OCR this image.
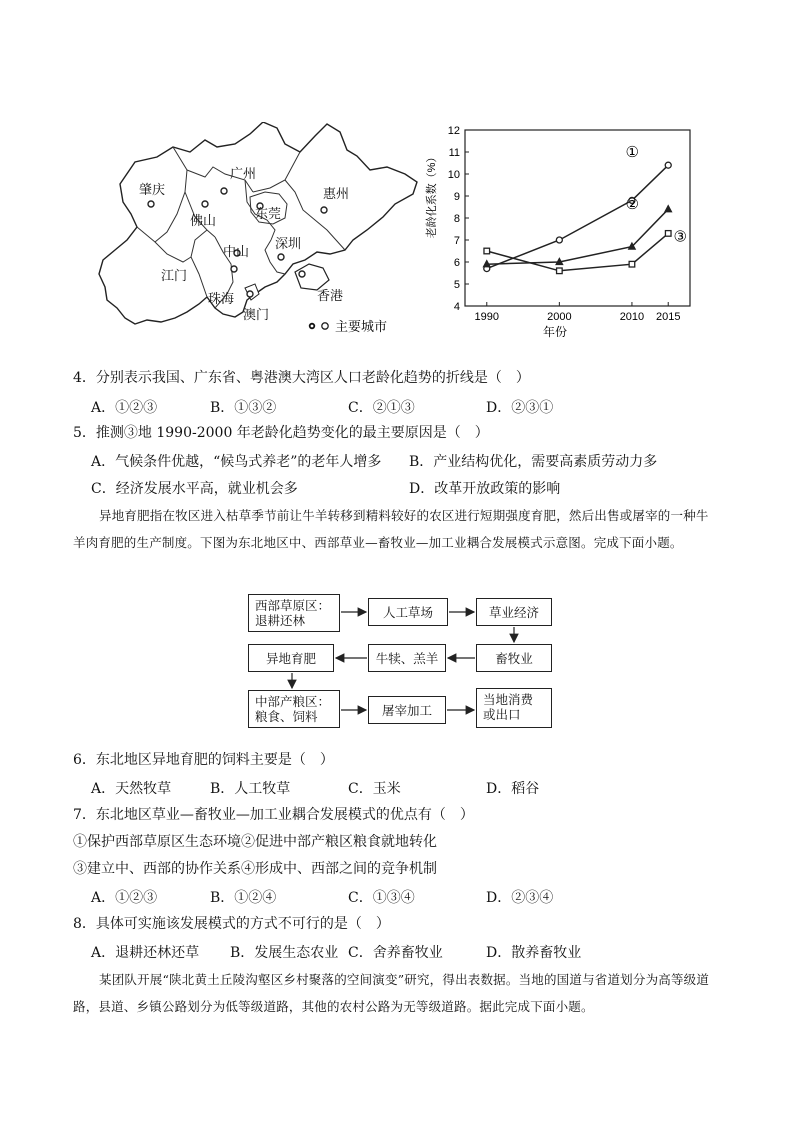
肇庆
广州
惠州
佛山	东莞
中山
深圳
江门
珠海	香港
澳门
主要城市
4
5
6
7
8
9
10
11
12
1990	2000	2010 2015
①
②
③
老龄化系数（%）
年份
4．分别表示我国、广东省、粤港澳大湾区人口老龄化趋势的折线是（　）
A．①②③	B．①③②	C．②①③	D．②③①
5．推测③地 1990-2000 年老龄化趋势变化的最主要原因是（　）
A．气候条件优越，“候鸟式养老”的老年人增多 B．产业结构优化，需要高素质劳动力多
C．经济发展水平高，就业机会多	D．改革开放政策的影响
异地育肥指在牧区进入枯草季节前让牛羊转移到精料较好的农区进行短期强度育肥，然后出售或屠宰的一种牛羊肉育肥的生产制度。下图为东北地区中、西部草业—畜牧业—加工业耦合发展模式示意图。完成下面小题。
西部草原区：
退耕还林
人工草场	草业经济
异地育肥	牛犊、羔羊	畜牧业
中部产粮区：
粮食、饲料	屠宰加工
当地消费
或出口
6．东北地区异地育肥的饲料主要是（　）
A．天然牧草	B．人工牧草	C．玉米	D．稻谷
7．东北地区草业—畜牧业—加工业耦合发展模式的优点有（　）
①保护西部草原区生态环境②促进中部产粮区粮食就地转化
③建立中、西部的协作关系④形成中、西部之间的竞争机制
A．①②③	B．①②④	C．①③④	D．②③④
8．具体可实施该发展模式的方式不可行的是（　）
A．退耕还林还草 B．发展生态农业 C．舍养畜牧业	D．散养畜牧业
某团队开展“陕北黄土丘陵沟壑区乡村聚落的空间演变”研究，得出表数据。当地的国道与省道划分为高等级道路，县道、乡镇公路划分为低等级道路，其他的农村公路为无等级道路。据此完成下面小题。
